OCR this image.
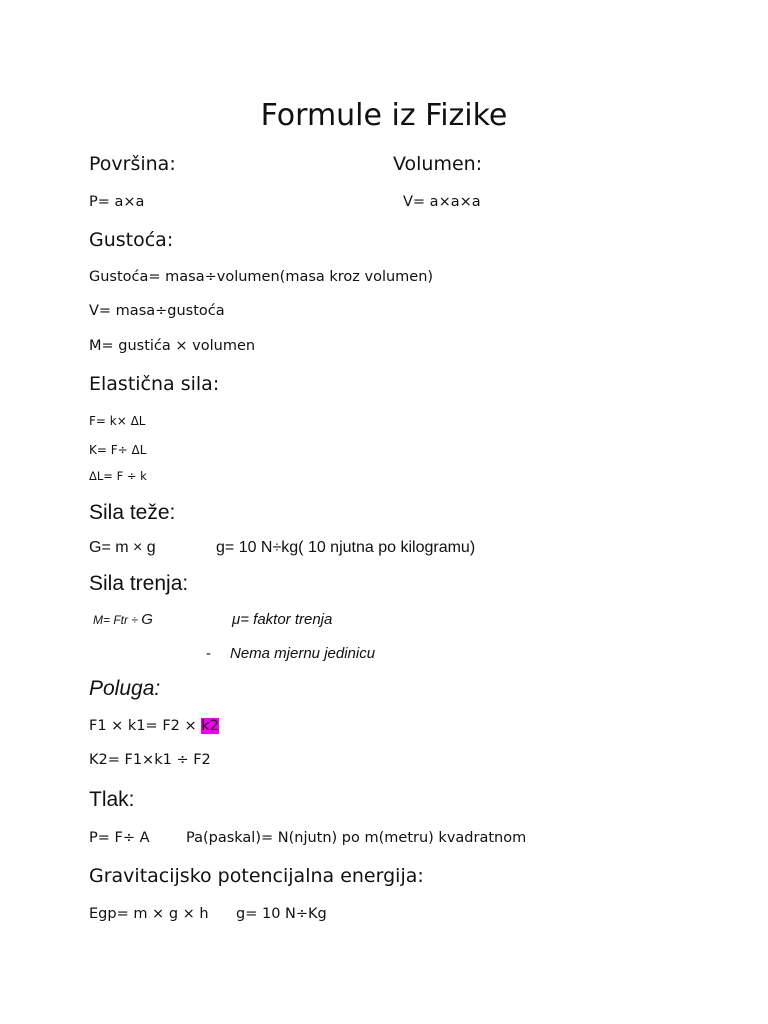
Formule iz Fizike
Površina:	Volumen:
P= a×a	V= a×a×a
Gustoća:
Gustoća= masa÷volumen(masa kroz volumen)
V= masa÷gustoća
M= gustića × volumen
Elastična sila:
F= k× ΔL
K= F÷ ΔL
ΔL= F ÷ k
Sila teže:
G= m × g	g= 10 N÷kg( 10 njutna po kilogramu)
Sila trenja:
M= Ftr ÷ G	μ= faktor trenja
- Nema mjernu jedinicu
Poluga:
F1 × k1= F2 × k2
K2= F1×k1 ÷ F2
Tlak:
P= F÷ A	Pa(paskal)= N(njutn) po m(metru) kvadratnom
Gravitacijsko potencijalna energija:
Egp= m × g × h g= 10 N÷Kg
